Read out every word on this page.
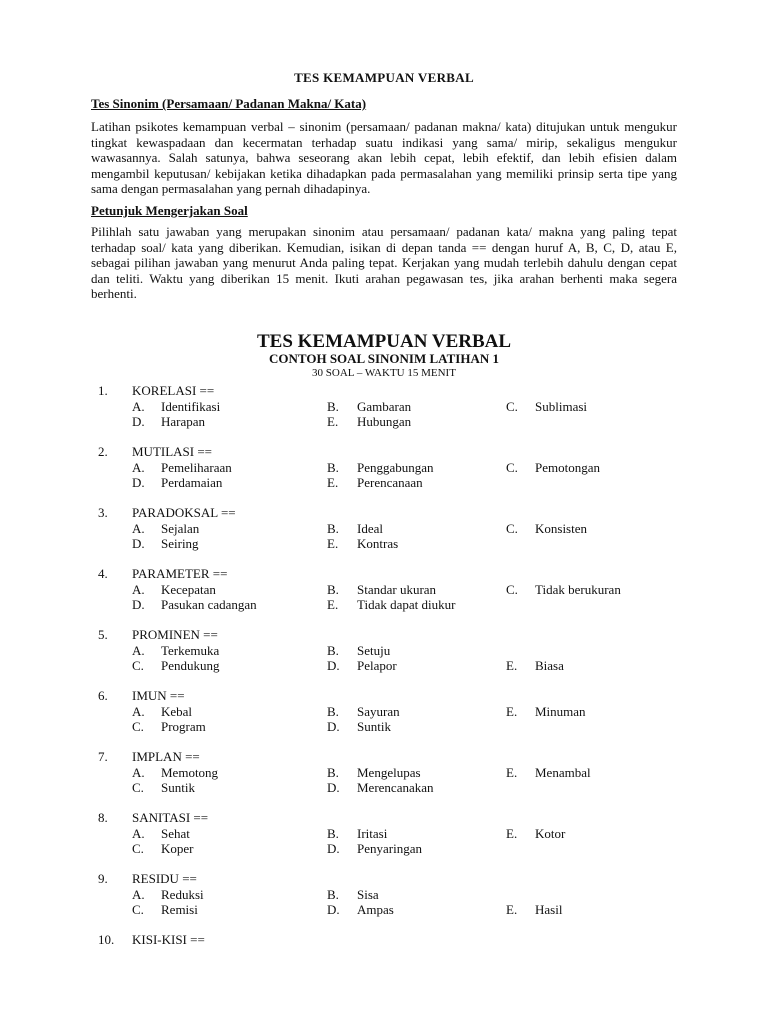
TES KEMAMPUAN VERBAL
Tes Sinonim (Persamaan/ Padanan Makna/ Kata)

Latihan psikotes kemampuan verbal – sinonim (persamaan/ padanan makna/ kata) ditujukan untuk mengukur tingkat kewaspadaan dan kecermatan terhadap suatu indikasi yang sama/ mirip, sekaligus mengukur wawasannya. Salah satunya, bahwa seseorang akan lebih cepat, lebih efektif, dan lebih efisien dalam mengambil keputusan/ kebijakan ketika dihadapkan pada permasalahan yang memiliki prinsip serta tipe yang sama dengan permasalahan yang pernah dihadapinya.

Petunjuk Mengerjakan Soal

Pilihlah satu jawaban yang merupakan sinonim atau persamaan/ padanan kata/ makna yang paling tepat terhadap soal/ kata yang diberikan. Kemudian, isikan di depan tanda == dengan huruf A, B, C, D, atau E, sebagai pilihan jawaban yang menurut Anda paling tepat. Kerjakan yang mudah terlebih dahulu dengan cepat dan teliti. Waktu yang diberikan 15 menit. Ikuti arahan pegawasan tes, jika arahan berhenti maka segera berhenti.

TES KEMAMPUAN VERBAL
CONTOH SOAL SINONIM LATIHAN 1
30 SOAL – WAKTU 15 MENIT
1. KORELASI ==
A. Identifikasi	B. Gambaran	C. Sublimasi
D. Harapan	E. Hubungan
2. MUTILASI ==
A. Pemeliharaan	B. Penggabungan	C. Pemotongan
D. Perdamaian	E. Perencanaan
3. PARADOKSAL ==
A. Sejalan	B. Ideal	C. Konsisten
D. Seiring	E. Kontras
4. PARAMETER ==
A. Kecepatan	B. Standar ukuran	C. Tidak berukuran
D. Pasukan cadangan	E. Tidak dapat diukur
5. PROMINEN ==
A. Terkemuka	B. Setuju
C. Pendukung	D. Pelapor	E. Biasa
6. IMUN ==
A. Kebal	B. Sayuran	E. Minuman
C. Program	D. Suntik
7. IMPLAN ==
A. Memotong	B. Mengelupas	E. Menambal
C. Suntik	D. Merencanakan
8. SANITASI ==
A. Sehat	B. Iritasi	E. Kotor
C. Koper	D. Penyaringan
9. RESIDU ==
A. Reduksi	B. Sisa
C. Remisi	D. Ampas	E. Hasil
10. KISI-KISI ==
